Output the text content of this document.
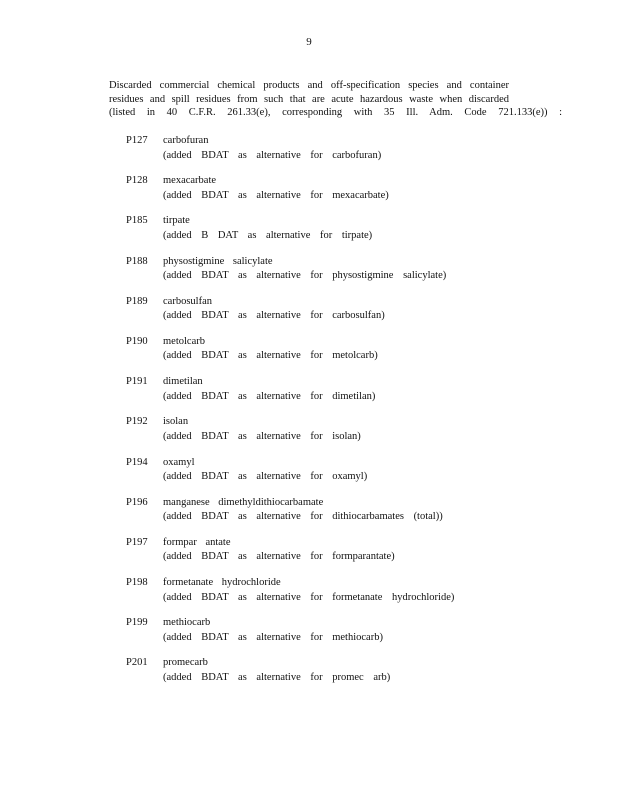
9
Discarded commercial chemical products and off-specification species and container
residues and spill residues from such that are acute hazardous waste when discarded
(listed in 40 C.F.R. 261.33(e), corresponding with 35 Ill. Adm. Code 721.133(e)) :
P127	carbofuran
(added BDAT as alternative for carbofuran)
P128	mexacarbate
(added BDAT as alternative for mexacarbate)
P185	tirpate
(added B DAT as alternative for tirpate)
P188	physostigmine salicylate
(added BDAT as alternative for physostigmine salicylate)
P189	carbosulfan
(added BDAT as alternative for carbosulfan)
P190	metolcarb
(added BDAT as alternative for metolcarb)
P191	dimetilan
(added BDAT as alternative for dimetilan)
P192	isolan
(added BDAT as alternative for isolan)
P194	oxamyl
(added BDAT as alternative for oxamyl)
P196	manganese dimethyldithiocarbamate
(added BDAT as alternative for dithiocarbamates (total))
P197	formpar antate
(added BDAT as alternative for formparantate)
P198	formetanate hydrochloride
(added BDAT as alternative for formetanate hydrochloride)
P199	methiocarb
(added BDAT as alternative for methiocarb)
P201	promecarb
(added BDAT as alternative for promec arb)
